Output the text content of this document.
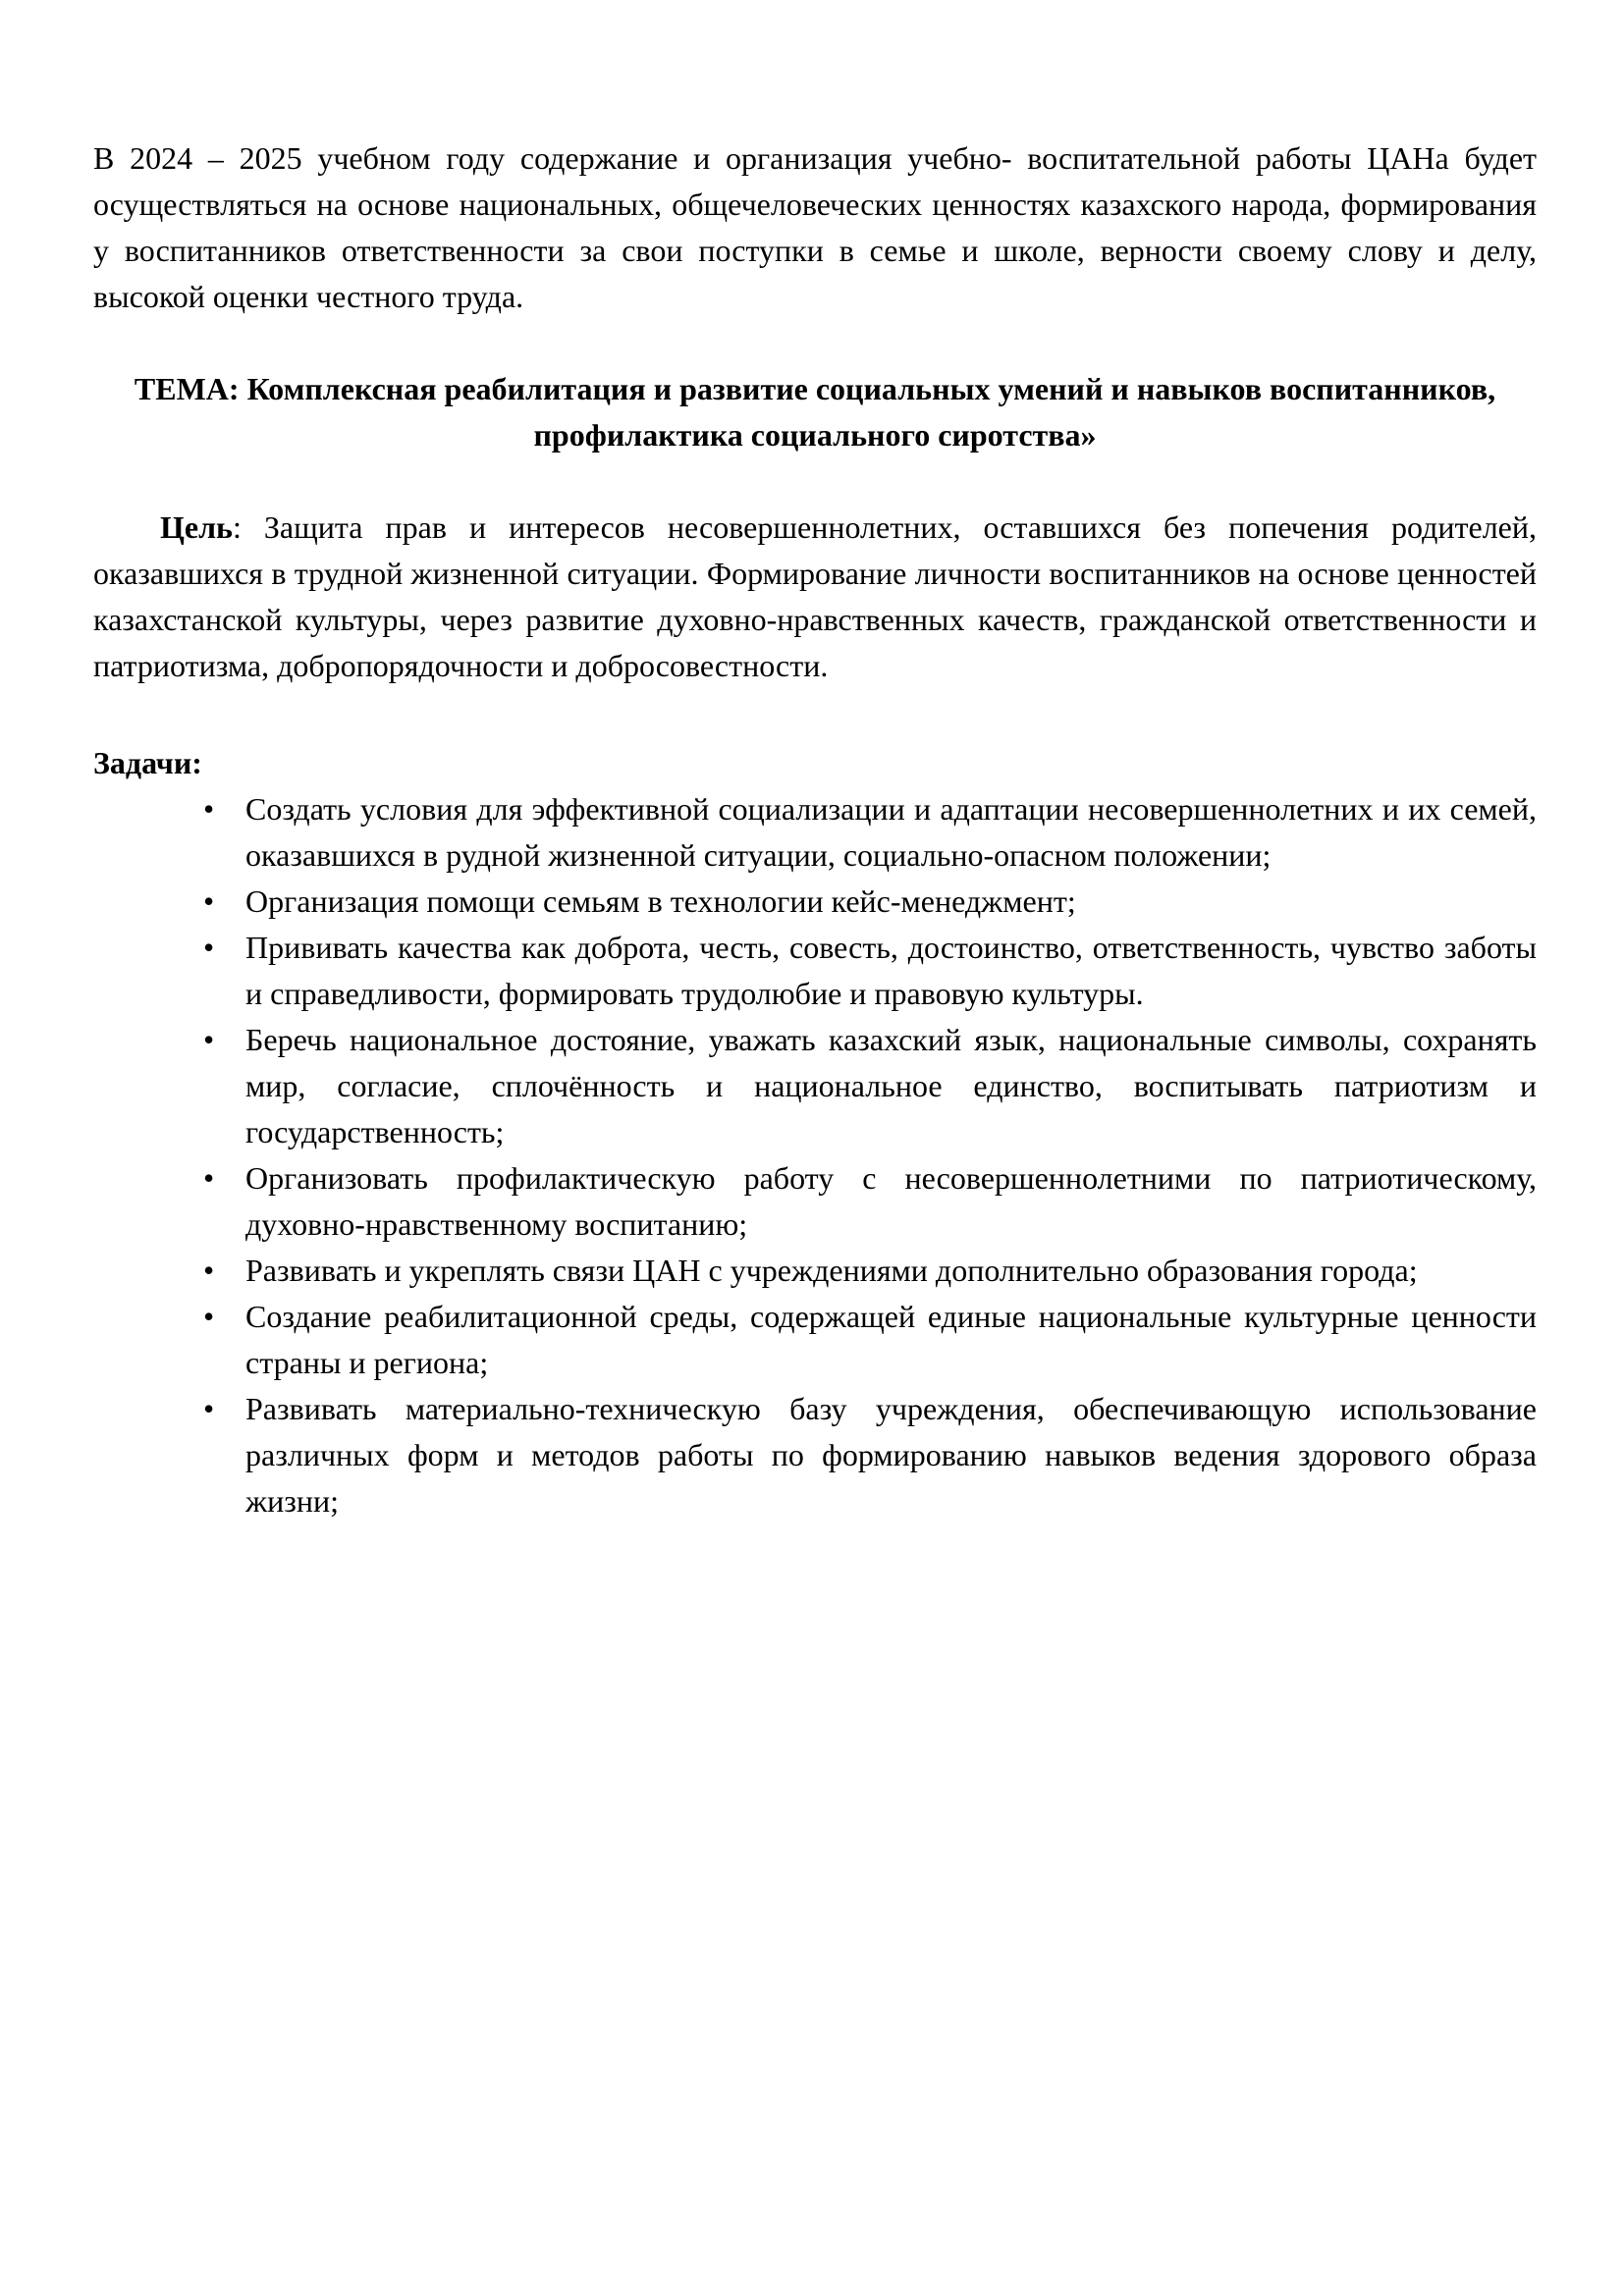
В 2024 – 2025 учебном году содержание и организация учебно- воспитательной работы ЦАНа будет осуществляться на основе национальных, общечеловеческих ценностях казахского народа, формирования у воспитанников ответственности за свои поступки в семье и школе, верности своему слову и делу, высокой оценки честного труда.

ТЕМА: Комплексная реабилитация и развитие социальных умений и навыков воспитанников, профилактика социального сиротства»

Цель: Защита прав и интересов несовершеннолетних, оставшихся без попечения родителей, оказавшихся в трудной жизненной ситуации. Формирование личности воспитанников на основе ценностей казахстанской культуры, через развитие духовно-нравственных качеств, гражданской ответственности и патриотизма, добропорядочности и добросовестности.

Задачи:

• Создать условия для эффективной социализации и адаптации несовершеннолетних и их семей, оказавшихся в рудной жизненной ситуации, социально-опасном положении;
• Организация помощи семьям в технологии кейс-менеджмент;
• Прививать качества как доброта, честь, совесть, достоинство, ответственность, чувство заботы и справедливости, формировать трудолюбие и правовую культуры.
• Беречь национальное достояние, уважать казахский язык, национальные символы, сохранять мир, согласие, сплочённость и национальное единство, воспитывать патриотизм и государственность;
• Организовать профилактическую работу с несовершеннолетними по патриотическому, духовно-нравственному воспитанию;
• Развивать и укреплять связи ЦАН с учреждениями дополнительно образования города;
• Создание реабилитационной среды, содержащей единые национальные культурные ценности страны и региона;
• Развивать материально-техническую базу учреждения, обеспечивающую использование различных форм и методов работы по формированию навыков ведения здорового образа жизни;
